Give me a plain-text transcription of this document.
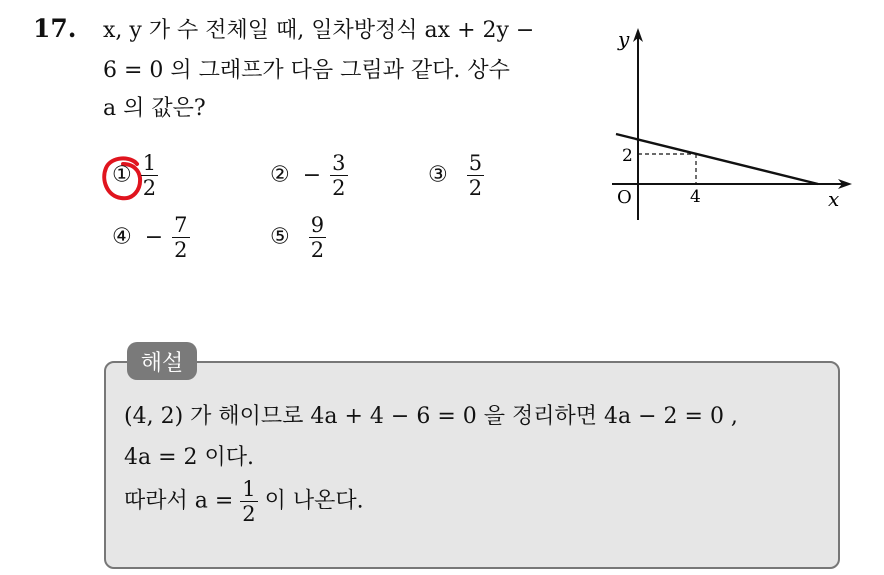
17. x, y 가 수 전체일 때, 일차방정식 ax + 2y −
6 = 0 의 그래프가 다음 그림과 같다. 상수
a 의 값은?
① $\frac{1}{2}$	② − $\frac{3}{2}$	③ $\frac{5}{2}$
④ − $\frac{7}{2}$	⑤ $\frac{9}{2}$
y
x
O
2
4
해설
(4, 2) 가 해이므로 4a + 4 − 6 = 0 을 정리하면 4a − 2 = 0 ,
4a = 2 이다.
따라서 $a = \frac{1}{2}$ 이 나온다.
